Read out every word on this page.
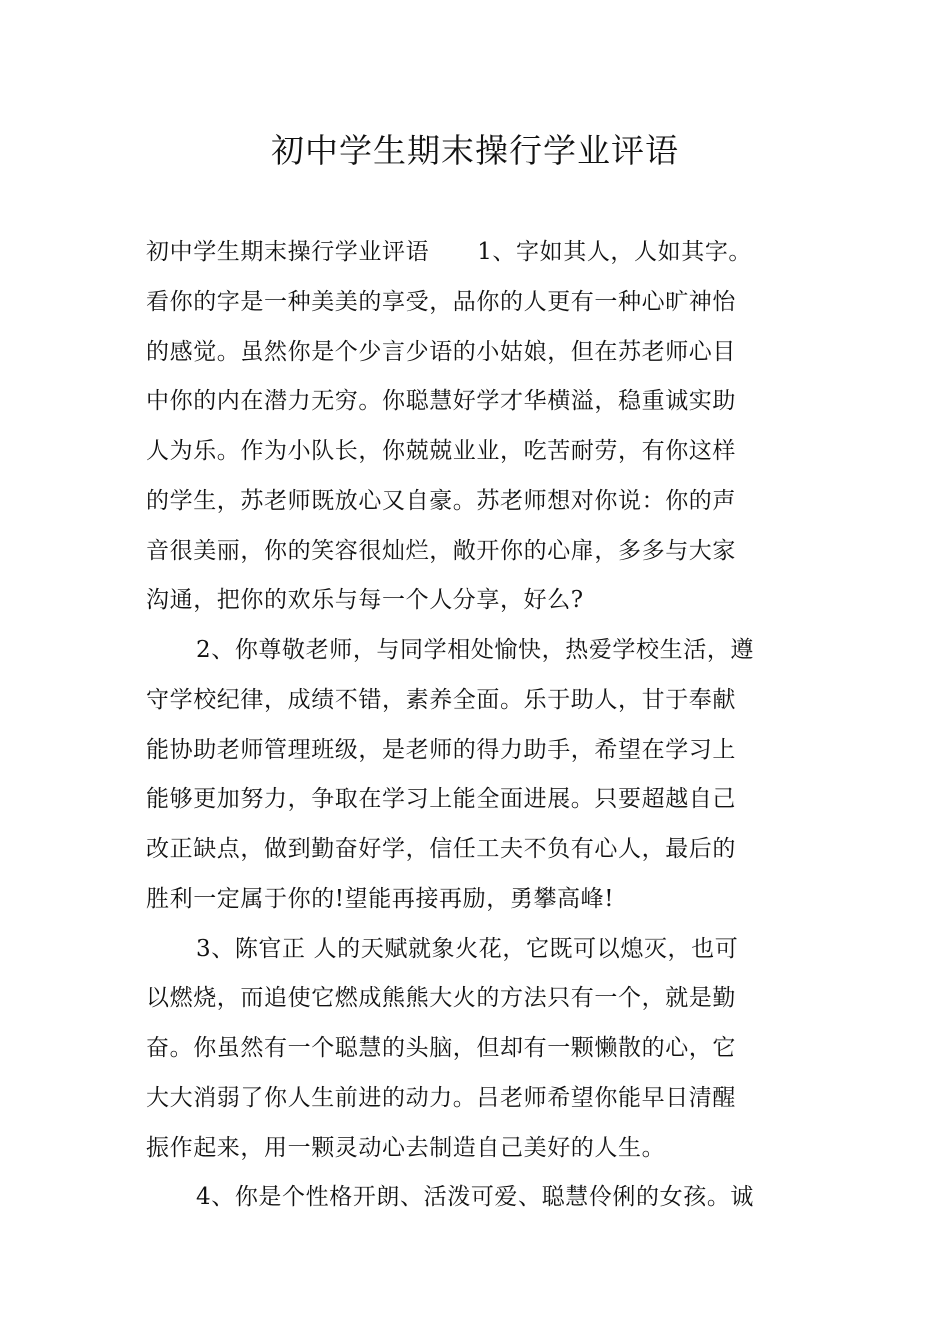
初中学生期末操行学业评语
初中学生期末操行学业评语 1、字如其人，人如其字。
看你的字是一种美美的享受，品你的人更有一种心旷神怡
的感觉。虽然你是个少言少语的小姑娘，但在苏老师心目
中你的内在潜力无穷。你聪慧好学才华横溢，稳重诚实助
人为乐。作为小队长，你兢兢业业，吃苦耐劳，有你这样
的学生，苏老师既放心又自豪。苏老师想对你说：你的声
音很美丽，你的笑容很灿烂，敞开你的心扉，多多与大家
沟通，把你的欢乐与每一个人分享，好么?
2、你尊敬老师，与同学相处愉快，热爱学校生活，遵
守学校纪律，成绩不错，素养全面。乐于助人，甘于奉献
能协助老师管理班级，是老师的得力助手，希望在学习上
能够更加努力，争取在学习上能全面进展。只要超越自己
改正缺点，做到勤奋好学，信任工夫不负有心人，最后的
胜利一定属于你的!望能再接再励，勇攀高峰!
3、陈官正 人的天赋就象火花，它既可以熄灭，也可
以燃烧，而追使它燃成熊熊大火的方法只有一个，就是勤
奋。你虽然有一个聪慧的头脑，但却有一颗懒散的心，它
大大消弱了你人生前进的动力。吕老师希望你能早日清醒
振作起来，用一颗灵动心去制造自己美好的人生。
4、你是个性格开朗、活泼可爱、聪慧伶俐的女孩。诚
